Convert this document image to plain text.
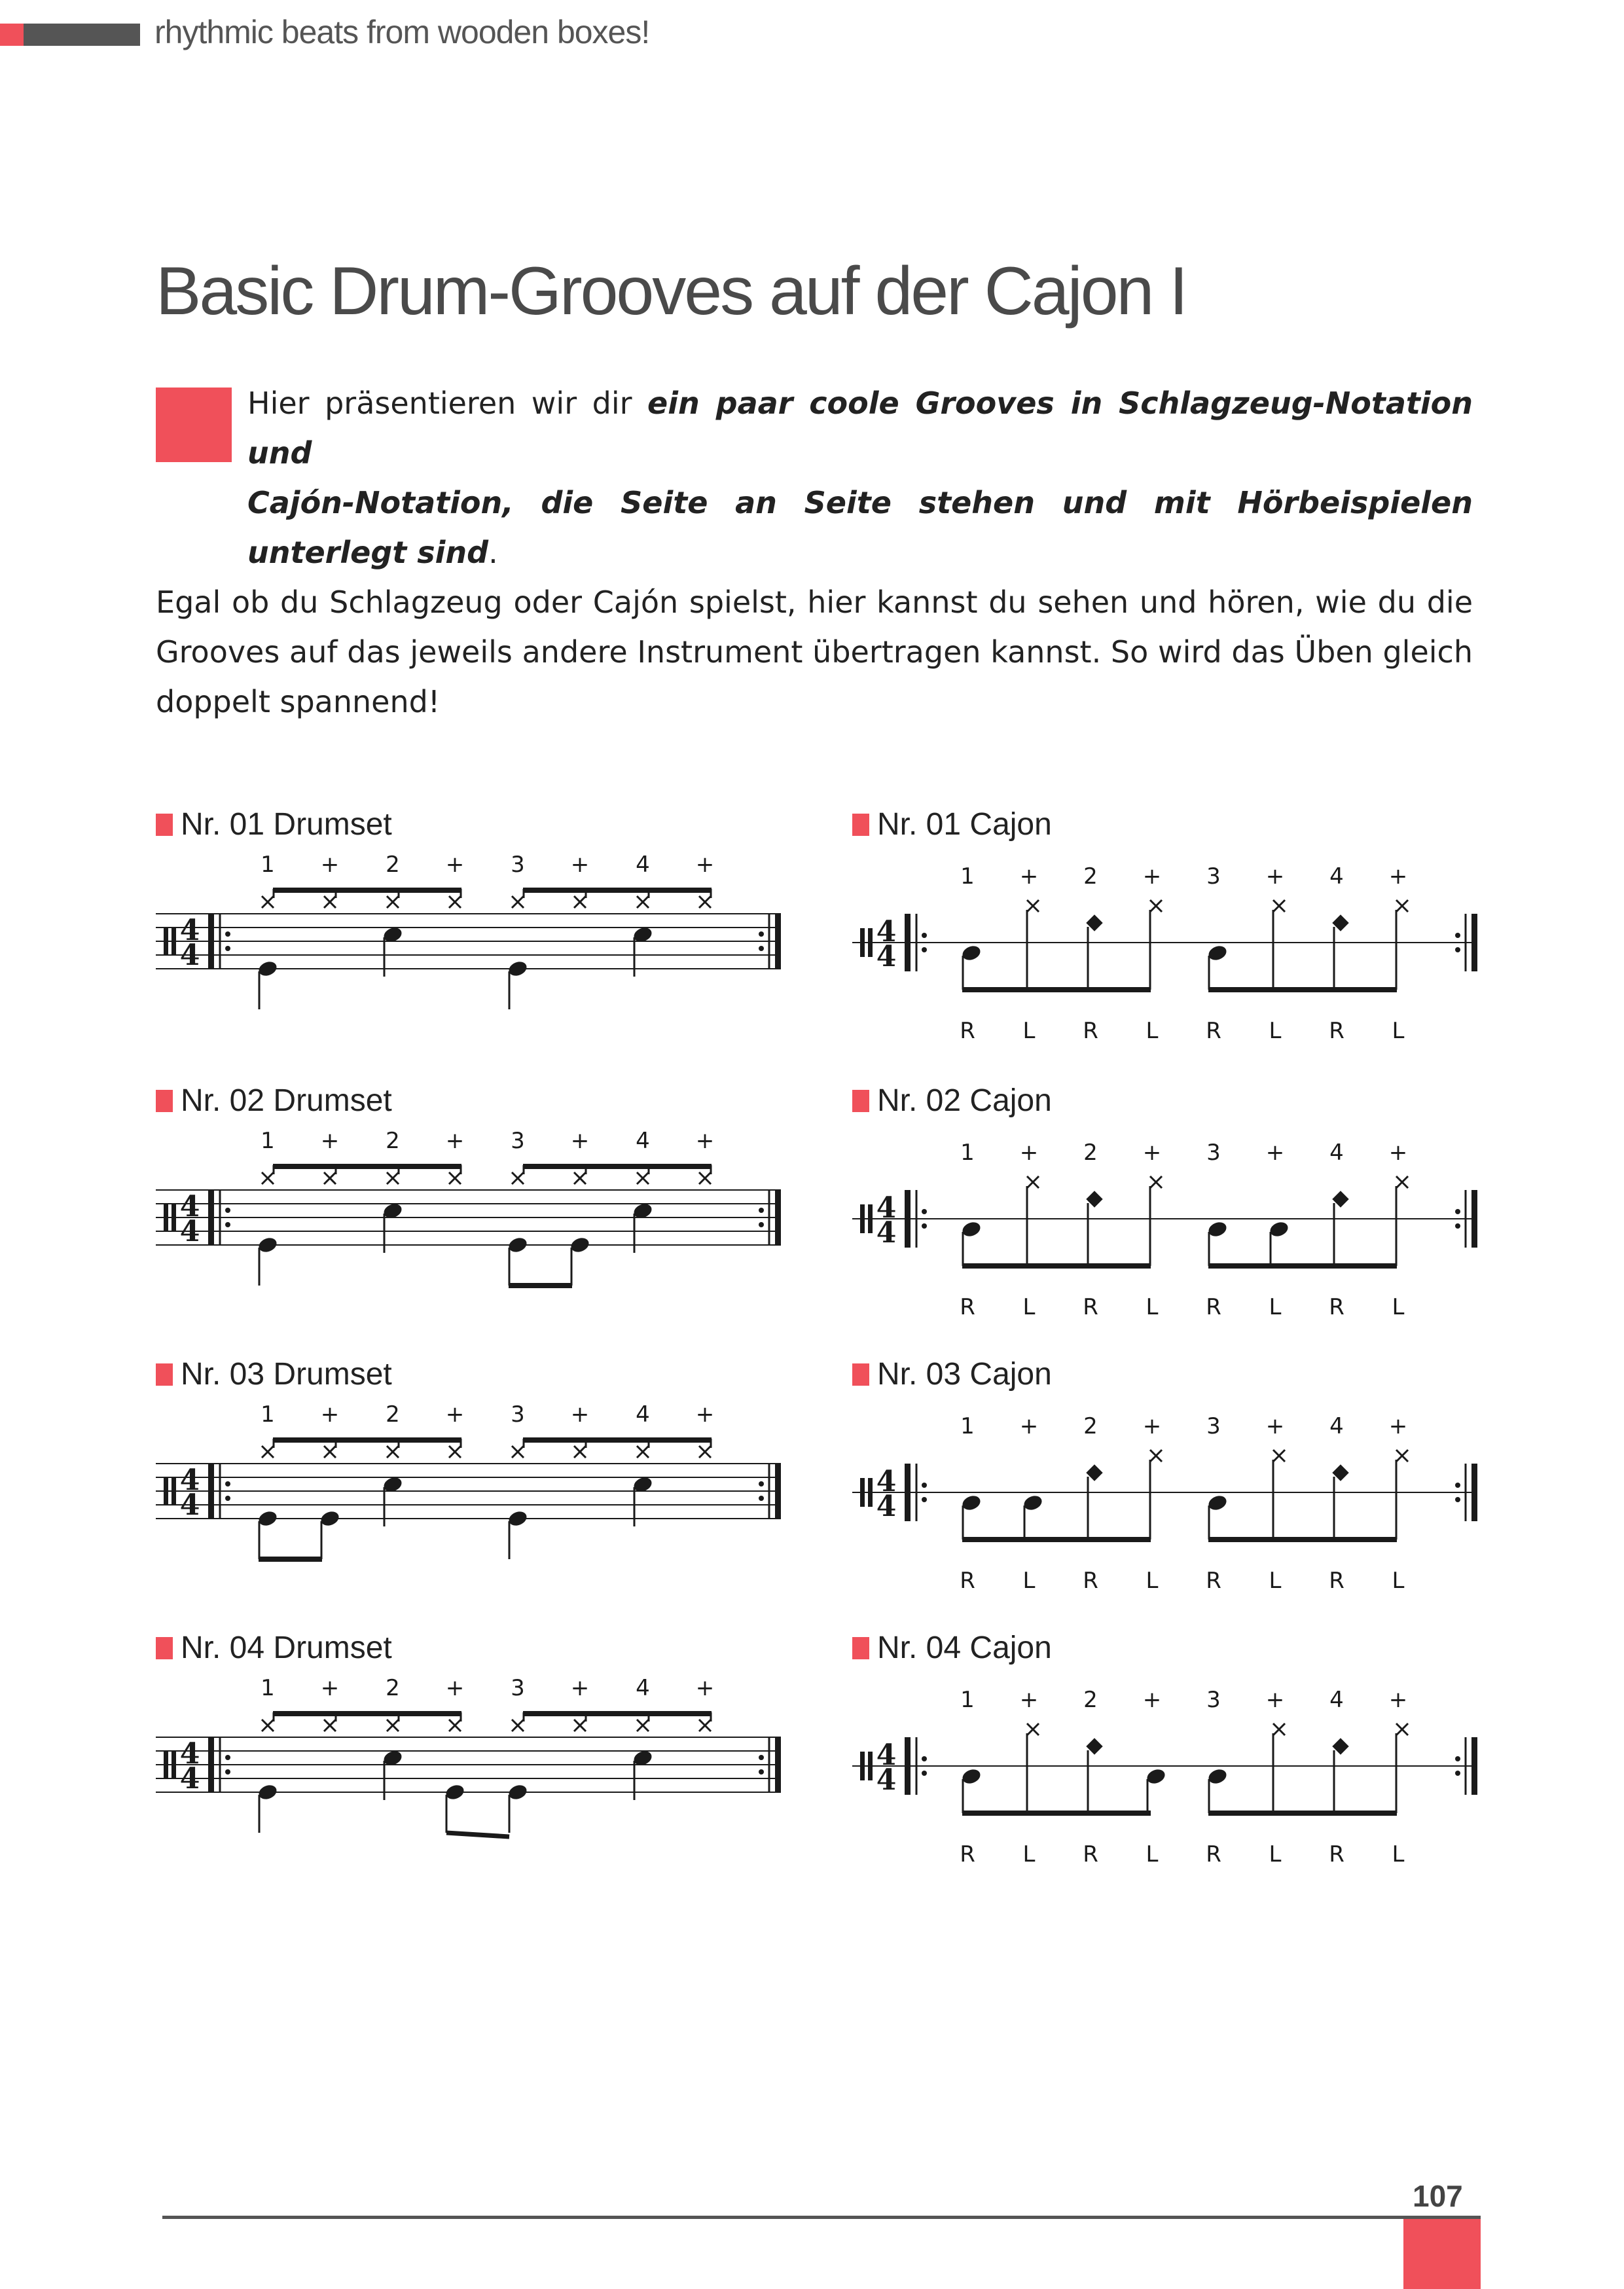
rhythmic beats from wooden boxes!
Basic Drum-Grooves auf der Cajon I
Hier präsentieren wir dir ein paar coole Grooves in Schlagzeug-Notation und
Cajón-Notation, die Seite an Seite stehen und mit Hörbeispielen unterlegt sind.
Egal ob du Schlagzeug oder Cajón spielst, hier kannst du sehen und hören, wie du die Grooves auf das jeweils andere Instrument übertragen kannst. So wird das Üben gleich doppelt spannend!
Nr. 01 Drumset
4
4
1 + 2 + 3 + 4 +
Nr. 02 Drumset
4
4
1 + 2 + 3 + 4 +
Nr. 03 Drumset
4
4
1 + 2 + 3 + 4 +
Nr. 04 Drumset
4
4
1 + 2 + 3 + 4 +
Nr. 01 Cajon
4
4
1 + 2 + 3 + 4 +
R L R L R L R L
Nr. 02 Cajon
4
4
1 + 2 + 3 + 4 +
R L R L R L R L
Nr. 03 Cajon
4
4
1 + 2 + 3 + 4 +
R L R L R L R L
Nr. 04 Cajon
4
4
1 + 2 + 3 + 4 +
R L R L R L R L
107
